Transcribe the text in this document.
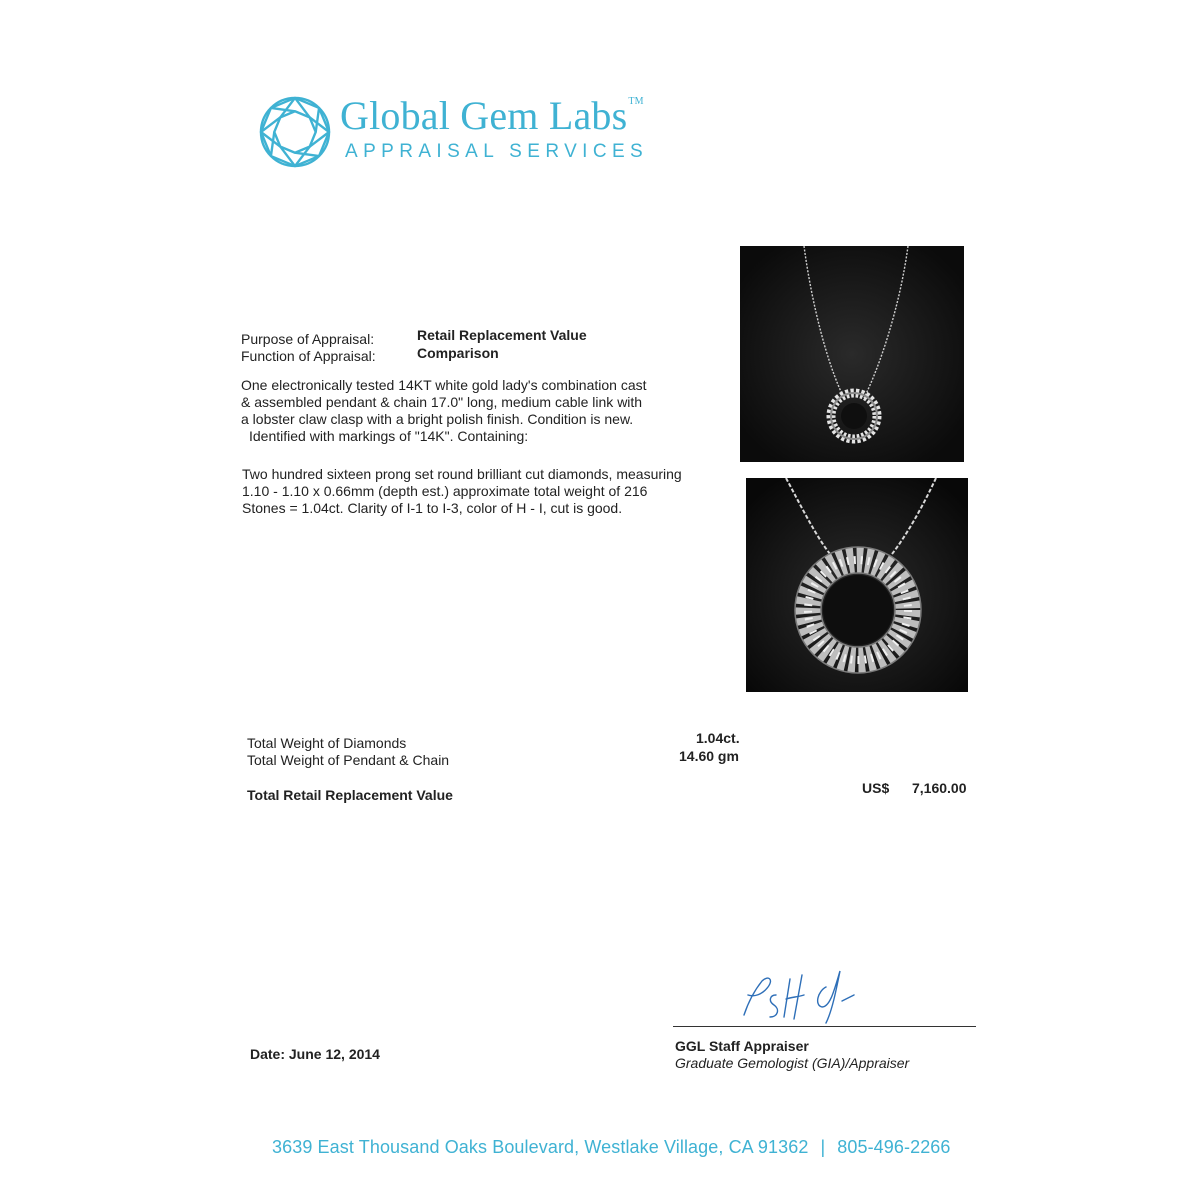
Global Gem Labs™
APPRAISAL SERVICES
Purpose of Appraisal:	Retail Replacement Value
Function of Appraisal:	Comparison
One electronically tested 14KT white gold lady's combination cast
& assembled pendant & chain 17.0" long, medium cable link with
a lobster claw clasp with a bright polish finish. Condition is new.
Identified with markings of "14K". Containing:
Two hundred sixteen prong set round brilliant cut diamonds, measuring
1.10 - 1.10 x 0.66mm (depth est.) approximate total weight of 216
Stones = 1.04ct. Clarity of I-1 to I-3, color of H - I, cut is good.
Total Weight of Diamonds	1.04ct.
Total Weight of Pendant & Chain	14.60 gm
Total Retail Replacement Value	US$ 7,160.00
Date: June 12, 2014	GGL Staff Appraiser
Graduate Gemologist (GIA)/Appraiser
3639 East Thousand Oaks Boulevard, Westlake Village, CA 91362 | 805-496-2266
